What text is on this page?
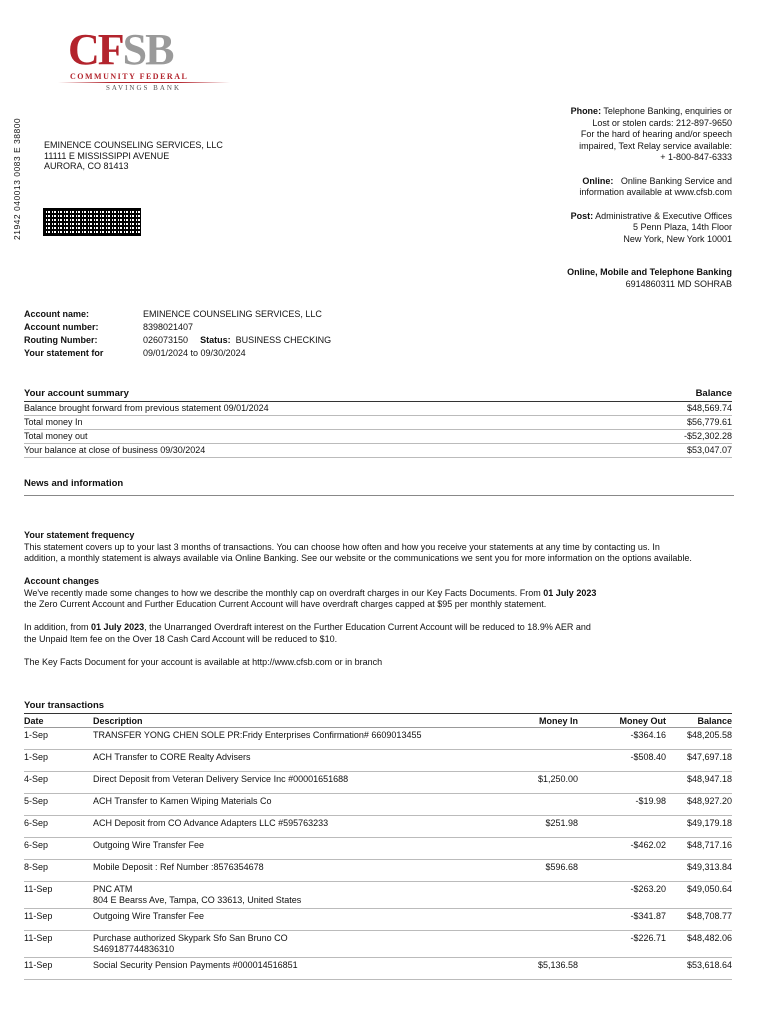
CFSB
COMMUNITY FEDERAL
SAVINGS BANK
21942 040013 0083 E 38800 EMINENCE COUNSELING SERVICES, LLC
11111 E MISSISSIPPI AVENUE
AURORA, CO 81413
Phone: Telephone Banking, enquiries or
Lost or stolen cards: 212-897-9650
For the hard of hearing and/or speech
impaired, Text Relay service available:
+ 1-800-847-6333
Online: Online Banking Service and
information available at www.cfsb.com
Post: Administrative & Executive Offices
5 Penn Plaza, 14th Floor
New York, New York 10001
Online, Mobile and Telephone Banking
6914860311 MD SOHRAB
Account name:	EMINENCE COUNSELING SERVICES, LLC
Account number:	8398021407
Routing Number:	026073150 Status: BUSINESS CHECKING
Your statement for	09/01/2024 to 09/30/2024
Your account summary	Balance
Balance brought forward from previous statement 09/01/2024	$48,569.74
Total money In	$56,779.61
Total money out	-$52,302.28
Your balance at close of business 09/30/2024	$53,047.07
News and information
Your statement frequency
This statement covers up to your last 3 months of transactions. You can choose how often and how you receive your statements at any time by contacting us. In
addition, a monthly statement is always available via Online Banking. See our website or the communications we sent you for more information on the options available.
Account changes
We've recently made some changes to how we describe the monthly cap on overdraft charges in our Key Facts Documents. From 01 July 2023
the Zero Current Account and Further Education Current Account will have overdraft charges capped at $95 per monthly statement.
In addition, from 01 July 2023, the Unarranged Overdraft interest on the Further Education Current Account will be reduced to 18.9% AER and
the Unpaid Item fee on the Over 18 Cash Card Account will be reduced to $10.
The Key Facts Document for your account is available at http://www.cfsb.com or in branch
Your transactions
Date	Description	Money In	Money Out	Balance
1-Sep	TRANSFER YONG CHEN SOLE PR:Fridy Enterprises Confirmation# 6609013455		-$364.16	$48,205.58
1-Sep	ACH Transfer to CORE Realty Advisers		-$508.40	$47,697.18
4-Sep	Direct Deposit from Veteran Delivery Service Inc #00001651688	$1,250.00		$48,947.18
5-Sep	ACH Transfer to Kamen Wiping Materials Co		-$19.98	$48,927.20
6-Sep	ACH Deposit from CO Advance Adapters LLC #595763233	$251.98		$49,179.18
6-Sep	Outgoing Wire Transfer Fee		-$462.02	$48,717.16
8-Sep	Mobile Deposit : Ref Number :8576354678	$596.68		$49,313.84
11-Sep	PNC ATM
804 E Bearss Ave, Tampa, CO 33613, United States		-$263.20	$49,050.64
11-Sep	Outgoing Wire Transfer Fee		-$341.87	$48,708.77
11-Sep	Purchase authorized Skypark Sfo San Bruno CO
S469187744836310		-$226.71	$48,482.06
11-Sep	Social Security Pension Payments #000014516851	$5,136.58		$53,618.64
